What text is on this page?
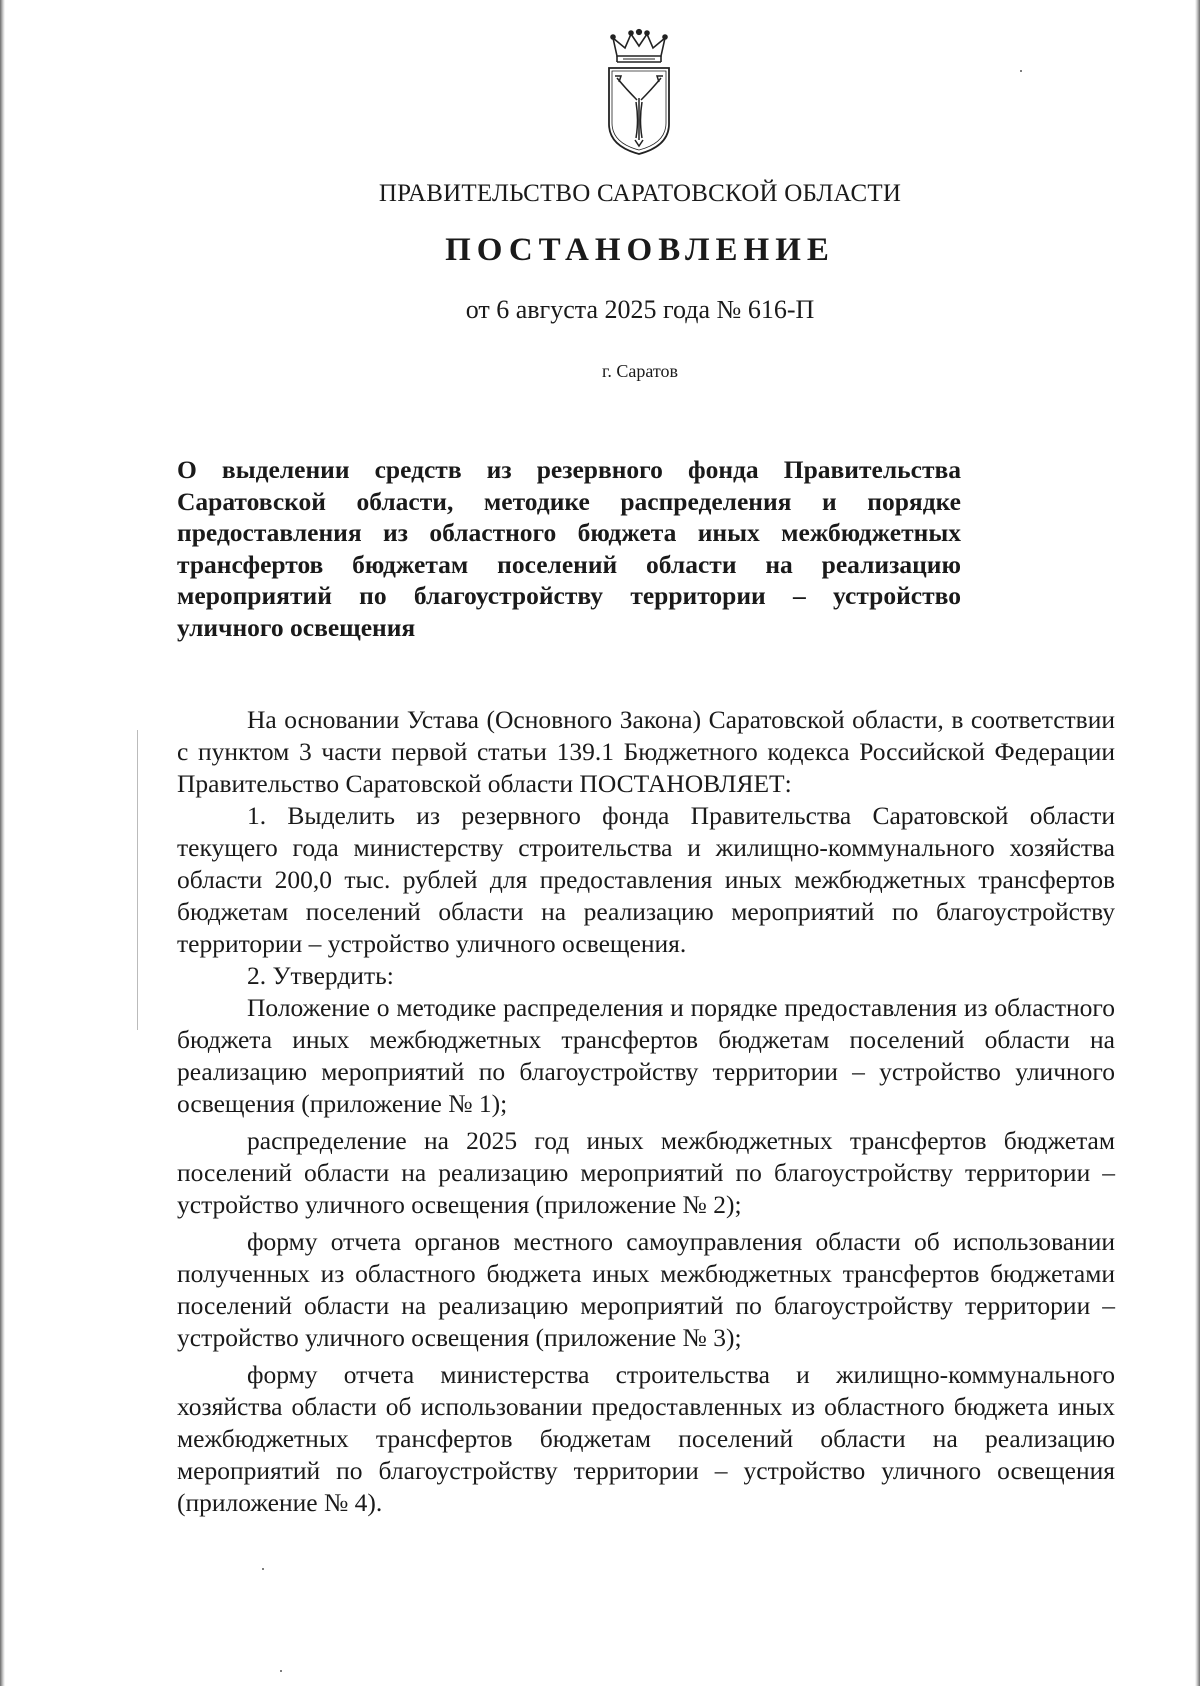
ПРАВИТЕЛЬСТВО САРАТОВСКОЙ ОБЛАСТИ
ПОСТАНОВЛЕНИЕ
от 6 августа 2025 года № 616-П
г. Саратов
О выделении средств из резервного фонда Правительства Саратовской области, методике распределения и порядке предоставления из областного бюджета иных межбюджетных трансфертов бюджетам поселений области на реализацию мероприятий по благоустройству территории – устройство уличного освещения

На основании Устава (Основного Закона) Саратовской области, в соответствии с пунктом 3 части первой статьи 139.1 Бюджетного кодекса Российской Федерации Правительство Саратовской области ПОСТАНОВЛЯЕТ:

1. Выделить из резервного фонда Правительства Саратовской области текущего года министерству строительства и жилищно-коммунального хозяйства области 200,0 тыс. рублей для предоставления иных межбюджетных трансфертов бюджетам поселений области на реализацию мероприятий по благоустройству территории – устройство уличного освещения.

2. Утвердить:

Положение о методике распределения и порядке предоставления из областного бюджета иных межбюджетных трансфертов бюджетам поселений области на реализацию мероприятий по благоустройству территории – устройство уличного освещения (приложение № 1);

распределение на 2025 год иных межбюджетных трансфертов бюджетам поселений области на реализацию мероприятий по благоустройству территории – устройство уличного освещения (приложение № 2);

форму отчета органов местного самоуправления области об использовании полученных из областного бюджета иных межбюджетных трансфертов бюджетами поселений области на реализацию мероприятий по благоустройству территории – устройство уличного освещения (приложение № 3);

форму отчета министерства строительства и жилищно-коммунального хозяйства области об использовании предоставленных из областного бюджета иных межбюджетных трансфертов бюджетам поселений области на реализацию мероприятий по благоустройству территории – устройство уличного освещения (приложение № 4).
